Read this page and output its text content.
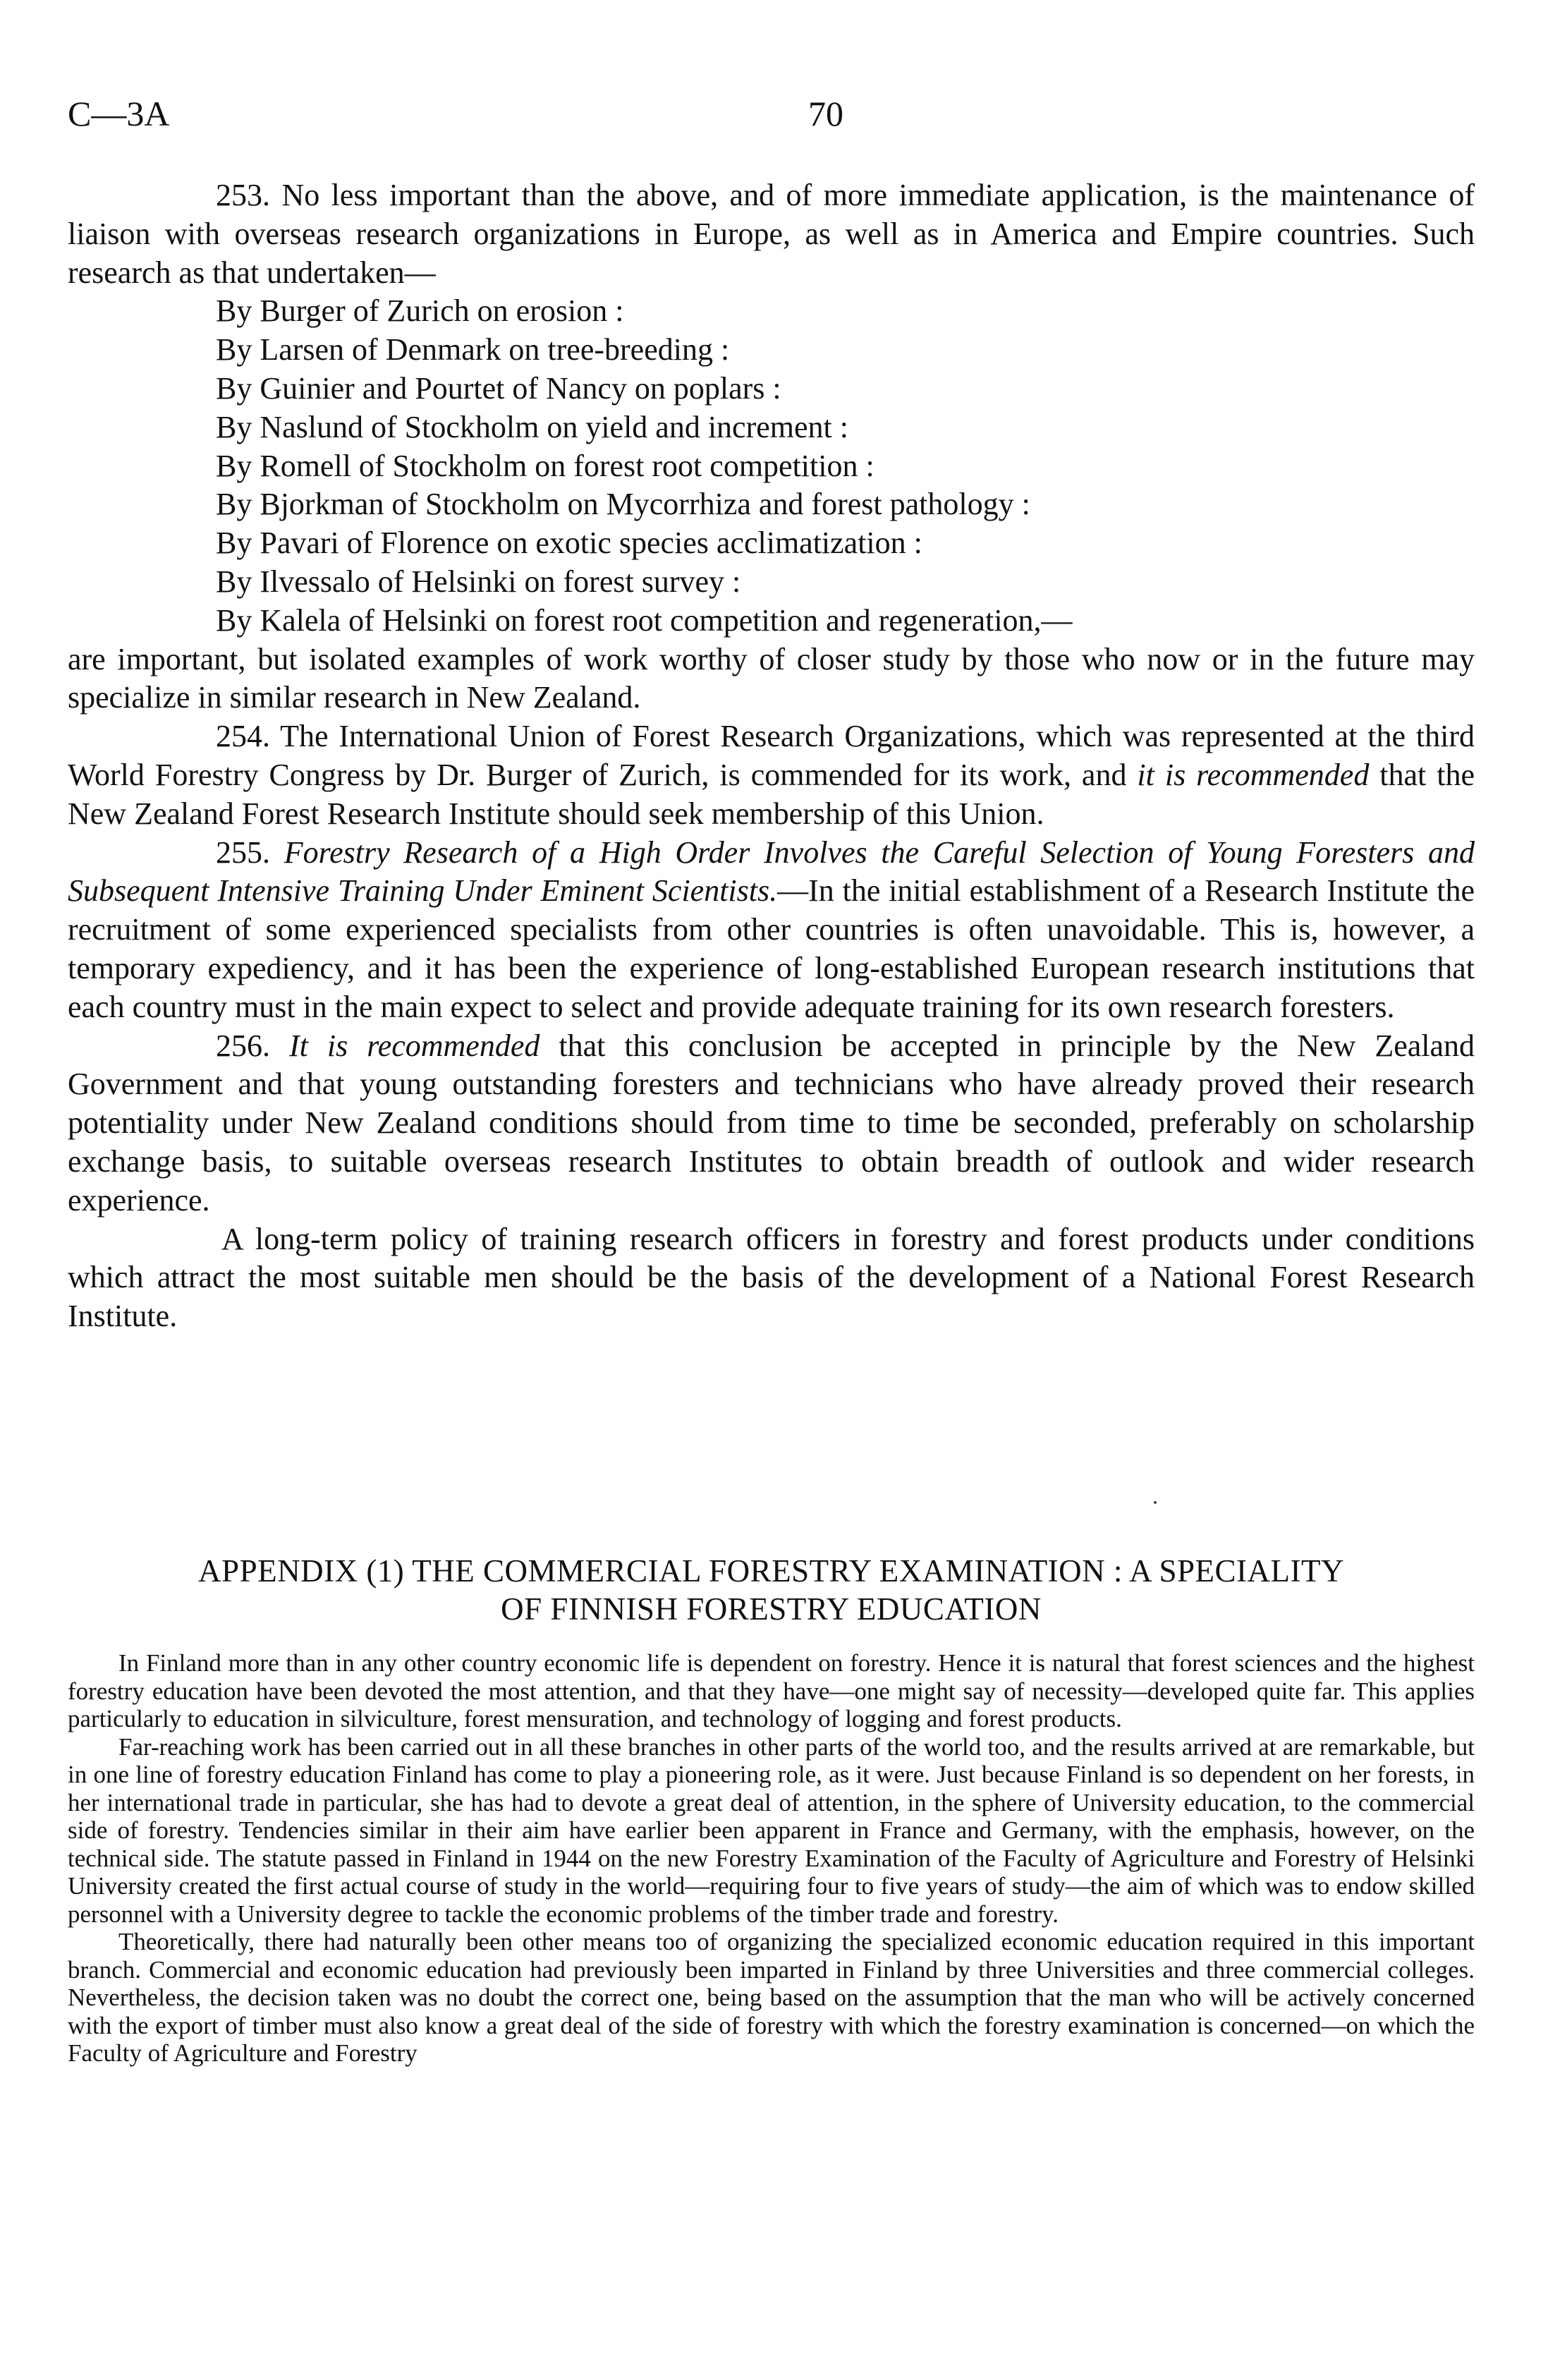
C—3A	70

253. No less important than the above, and of more immediate application, is the maintenance of liaison with overseas research organizations in Europe, as well as in America and Empire countries. Such research as that undertaken—

By Burger of Zurich on erosion :
By Larsen of Denmark on tree-breeding :
By Guinier and Pourtet of Nancy on poplars :
By Naslund of Stockholm on yield and increment :
By Romell of Stockholm on forest root competition :
By Bjorkman of Stockholm on Mycorrhiza and forest pathology :
By Pavari of Florence on exotic species acclimatization :
By Ilvessalo of Helsinki on forest survey :
By Kalela of Helsinki on forest root competition and regeneration,—

are important, but isolated examples of work worthy of closer study by those who now or in the future may specialize in similar research in New Zealand.

254. The International Union of Forest Research Organizations, which was represented at the third World Forestry Congress by Dr. Burger of Zurich, is commended for its work, and it is recommended that the New Zealand Forest Research Institute should seek membership of this Union.

255. Forestry Research of a High Order Involves the Careful Selection of Young Foresters and Subsequent Intensive Training Under Eminent Scientists.—In the initial establishment of a Research Institute the recruitment of some experienced specialists from other countries is often unavoidable. This is, however, a temporary expediency, and it has been the experience of long-established European research institutions that each country must in the main expect to select and provide adequate training for its own research foresters.

256. It is recommended that this conclusion be accepted in principle by the New Zealand Government and that young outstanding foresters and technicians who have already proved their research potentiality under New Zealand conditions should from time to time be seconded, preferably on scholarship exchange basis, to suitable overseas research Institutes to obtain breadth of outlook and wider research experience.

A long-term policy of training research officers in forestry and forest products under conditions which attract the most suitable men should be the basis of the development of a National Forest Research Institute.

APPENDIX (1) THE COMMERCIAL FORESTRY EXAMINATION : A SPECIALITY
OF FINNISH FORESTRY EDUCATION

In Finland more than in any other country economic life is dependent on forestry. Hence it is natural that forest sciences and the highest forestry education have been devoted the most attention, and that they have—one might say of necessity—developed quite far. This applies particularly to education in silviculture, forest mensuration, and technology of logging and forest products.

Far-reaching work has been carried out in all these branches in other parts of the world too, and the results arrived at are remarkable, but in one line of forestry education Finland has come to play a pioneering role, as it were. Just because Finland is so dependent on her forests, in her international trade in particular, she has had to devote a great deal of attention, in the sphere of University education, to the commercial side of forestry. Tendencies similar in their aim have earlier been apparent in France and Germany, with the emphasis, however, on the technical side. The statute passed in Finland in 1944 on the new Forestry Examination of the Faculty of Agriculture and Forestry of Helsinki University created the first actual course of study in the world—requiring four to five years of study—the aim of which was to endow skilled personnel with a University degree to tackle the economic problems of the timber trade and forestry.

Theoretically, there had naturally been other means too of organizing the specialized economic education required in this important branch. Commercial and economic education had previously been imparted in Finland by three Universities and three commercial colleges. Nevertheless, the decision taken was no doubt the correct one, being based on the assumption that the man who will be actively concerned with the export of timber must also know a great deal of the side of forestry with which the forestry examination is concerned—on which the Faculty of Agriculture and Forestry
